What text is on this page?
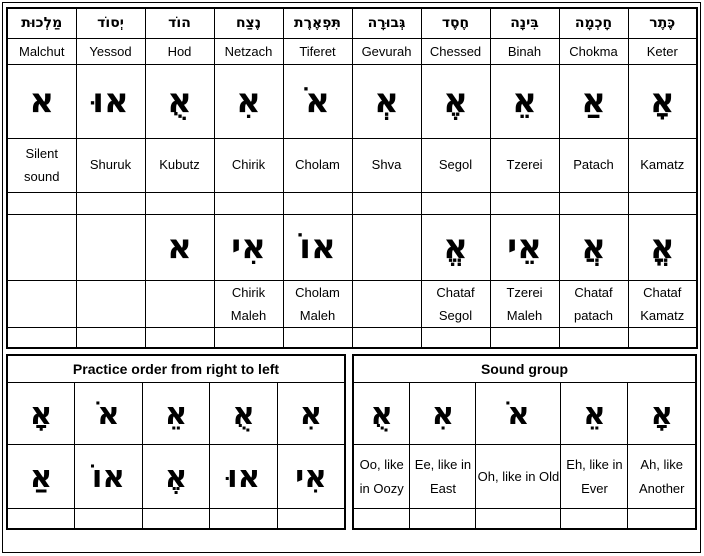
מַלְכוּת	יְסוֹד	הוֹד	נֶצַח	תִּפְאֶרֶת	גְּבוּרָה	חֶסֶד	בִּינָה	חָכְמָה	כֶּתֶר
Malchut	Yessod	Hod	Netzach	Tiferet	Gevurah	Chessed	Binah	Chokma	Keter
א	אוּ	אֻ	אִ	אֹ	אְ	אֶ	אֵ	אַ	אָ
Silent sound	Shuruk	Kubutz	Chirik	Cholam	Shva	Segol	Tzerei	Patach	Kamatz

		א	אִי	אוֹ		אֱ	אֵי	אֲ	אֳ
			Chirik Maleh	Cholam Maleh		Chataf Segol	Tzerei Maleh	Chataf patach	Chataf Kamatz

Practice order from right to left				
אָ	אֹ	אֵ	אֻ	אִ
אַ	אוֹ	אֶ	אוּ	אִי

Sound group				
אֻ	אִ	אֹ	אֵ	אָ
Oo, like in Oozy	Ee, like in East	Oh, like in Old	Eh, like in Ever	Ah, like Another
